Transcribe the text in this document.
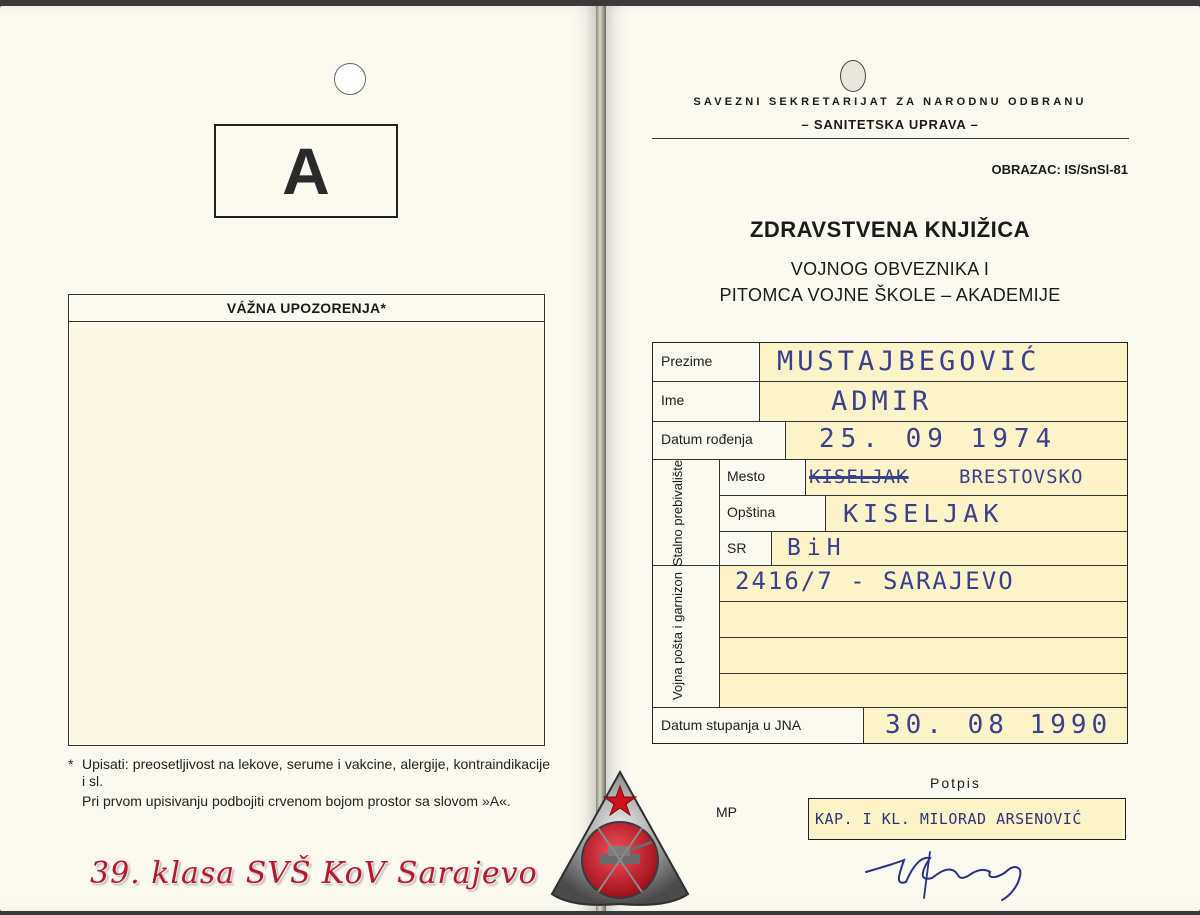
A
VÁŽNA UPOZORENJA*
* Upisati: preosetljivost na lekove, serume i vakcine, alergije, kontraindikacije i sl.

Pri prvom upisivanju podbojiti crvenom bojom prostor sa slovom »A«.

SAVEZNI SEKRETARIJAT ZA NARODNU ODBRANU
– SANITETSKA UPRAVA –
OBRAZAC: IS/SnSl-81
ZDRAVSTVENA KNJIŽICA
VOJNOG OBVEZNIKA I
PITOMCA VOJNE ŠKOLE – AKADEMIJE
Prezime
Ime
Datum rođenja
Mesto
Opština
SR
Datum stupanja u JNA
Stalno prebivalište
Vojna pošta i garnizon
MUSTAJBEGOVIĆ
ADMIR
25. 09 1974
KISELJAK	BRESTOVSKO
KISELJAK
BiH
2416/7 - SARAJEVO
30. 08 1990
Potpis
MP	KAP. I KL. MILORAD ARSENOVIĆ
39. klasa SVŠ KoV Sarajevo
